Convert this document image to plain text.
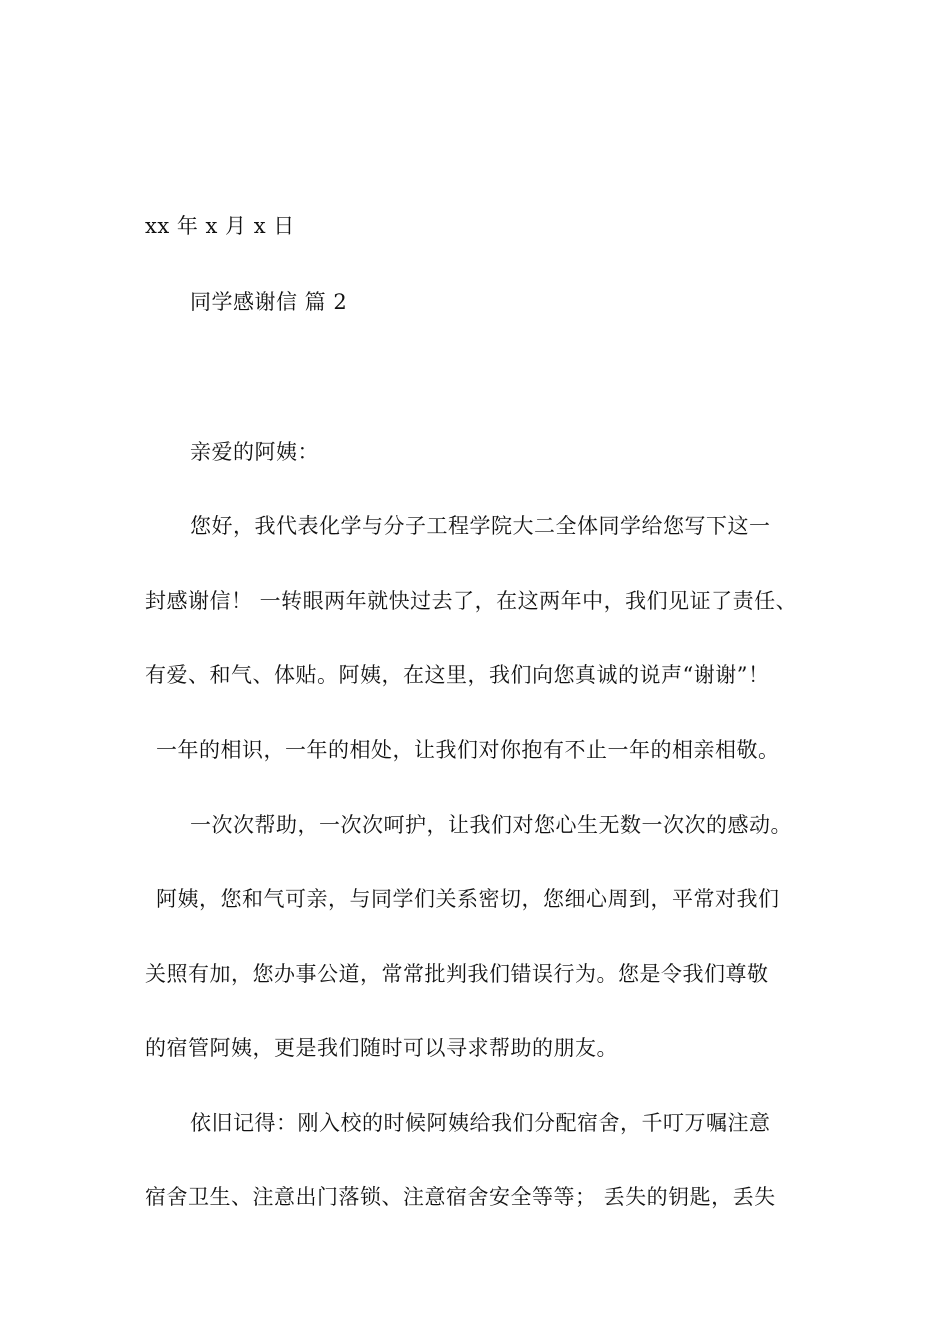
xx 年 x 月 x 日
同学感谢信 篇 2
亲爱的阿姨：
您好，我代表化学与分子工程学院大二全体同学给您写下这一
封感谢信！ 一转眼两年就快过去了，在这两年中，我们见证了责任、
有爱、和气、体贴。阿姨，在这里，我们向您真诚的说声“谢谢”！
一年的相识，一年的相处，让我们对你抱有不止一年的相亲相敬。
一次次帮助，一次次呵护，让我们对您心生无数一次次的感动。
阿姨，您和气可亲，与同学们关系密切，您细心周到，平常对我们
关照有加，您办事公道，常常批判我们错误行为。您是令我们尊敬
的宿管阿姨，更是我们随时可以寻求帮助的朋友。
依旧记得：刚入校的时候阿姨给我们分配宿舍，千叮万嘱注意
宿舍卫生、注意出门落锁、注意宿舍安全等等； 丢失的钥匙，丢失
